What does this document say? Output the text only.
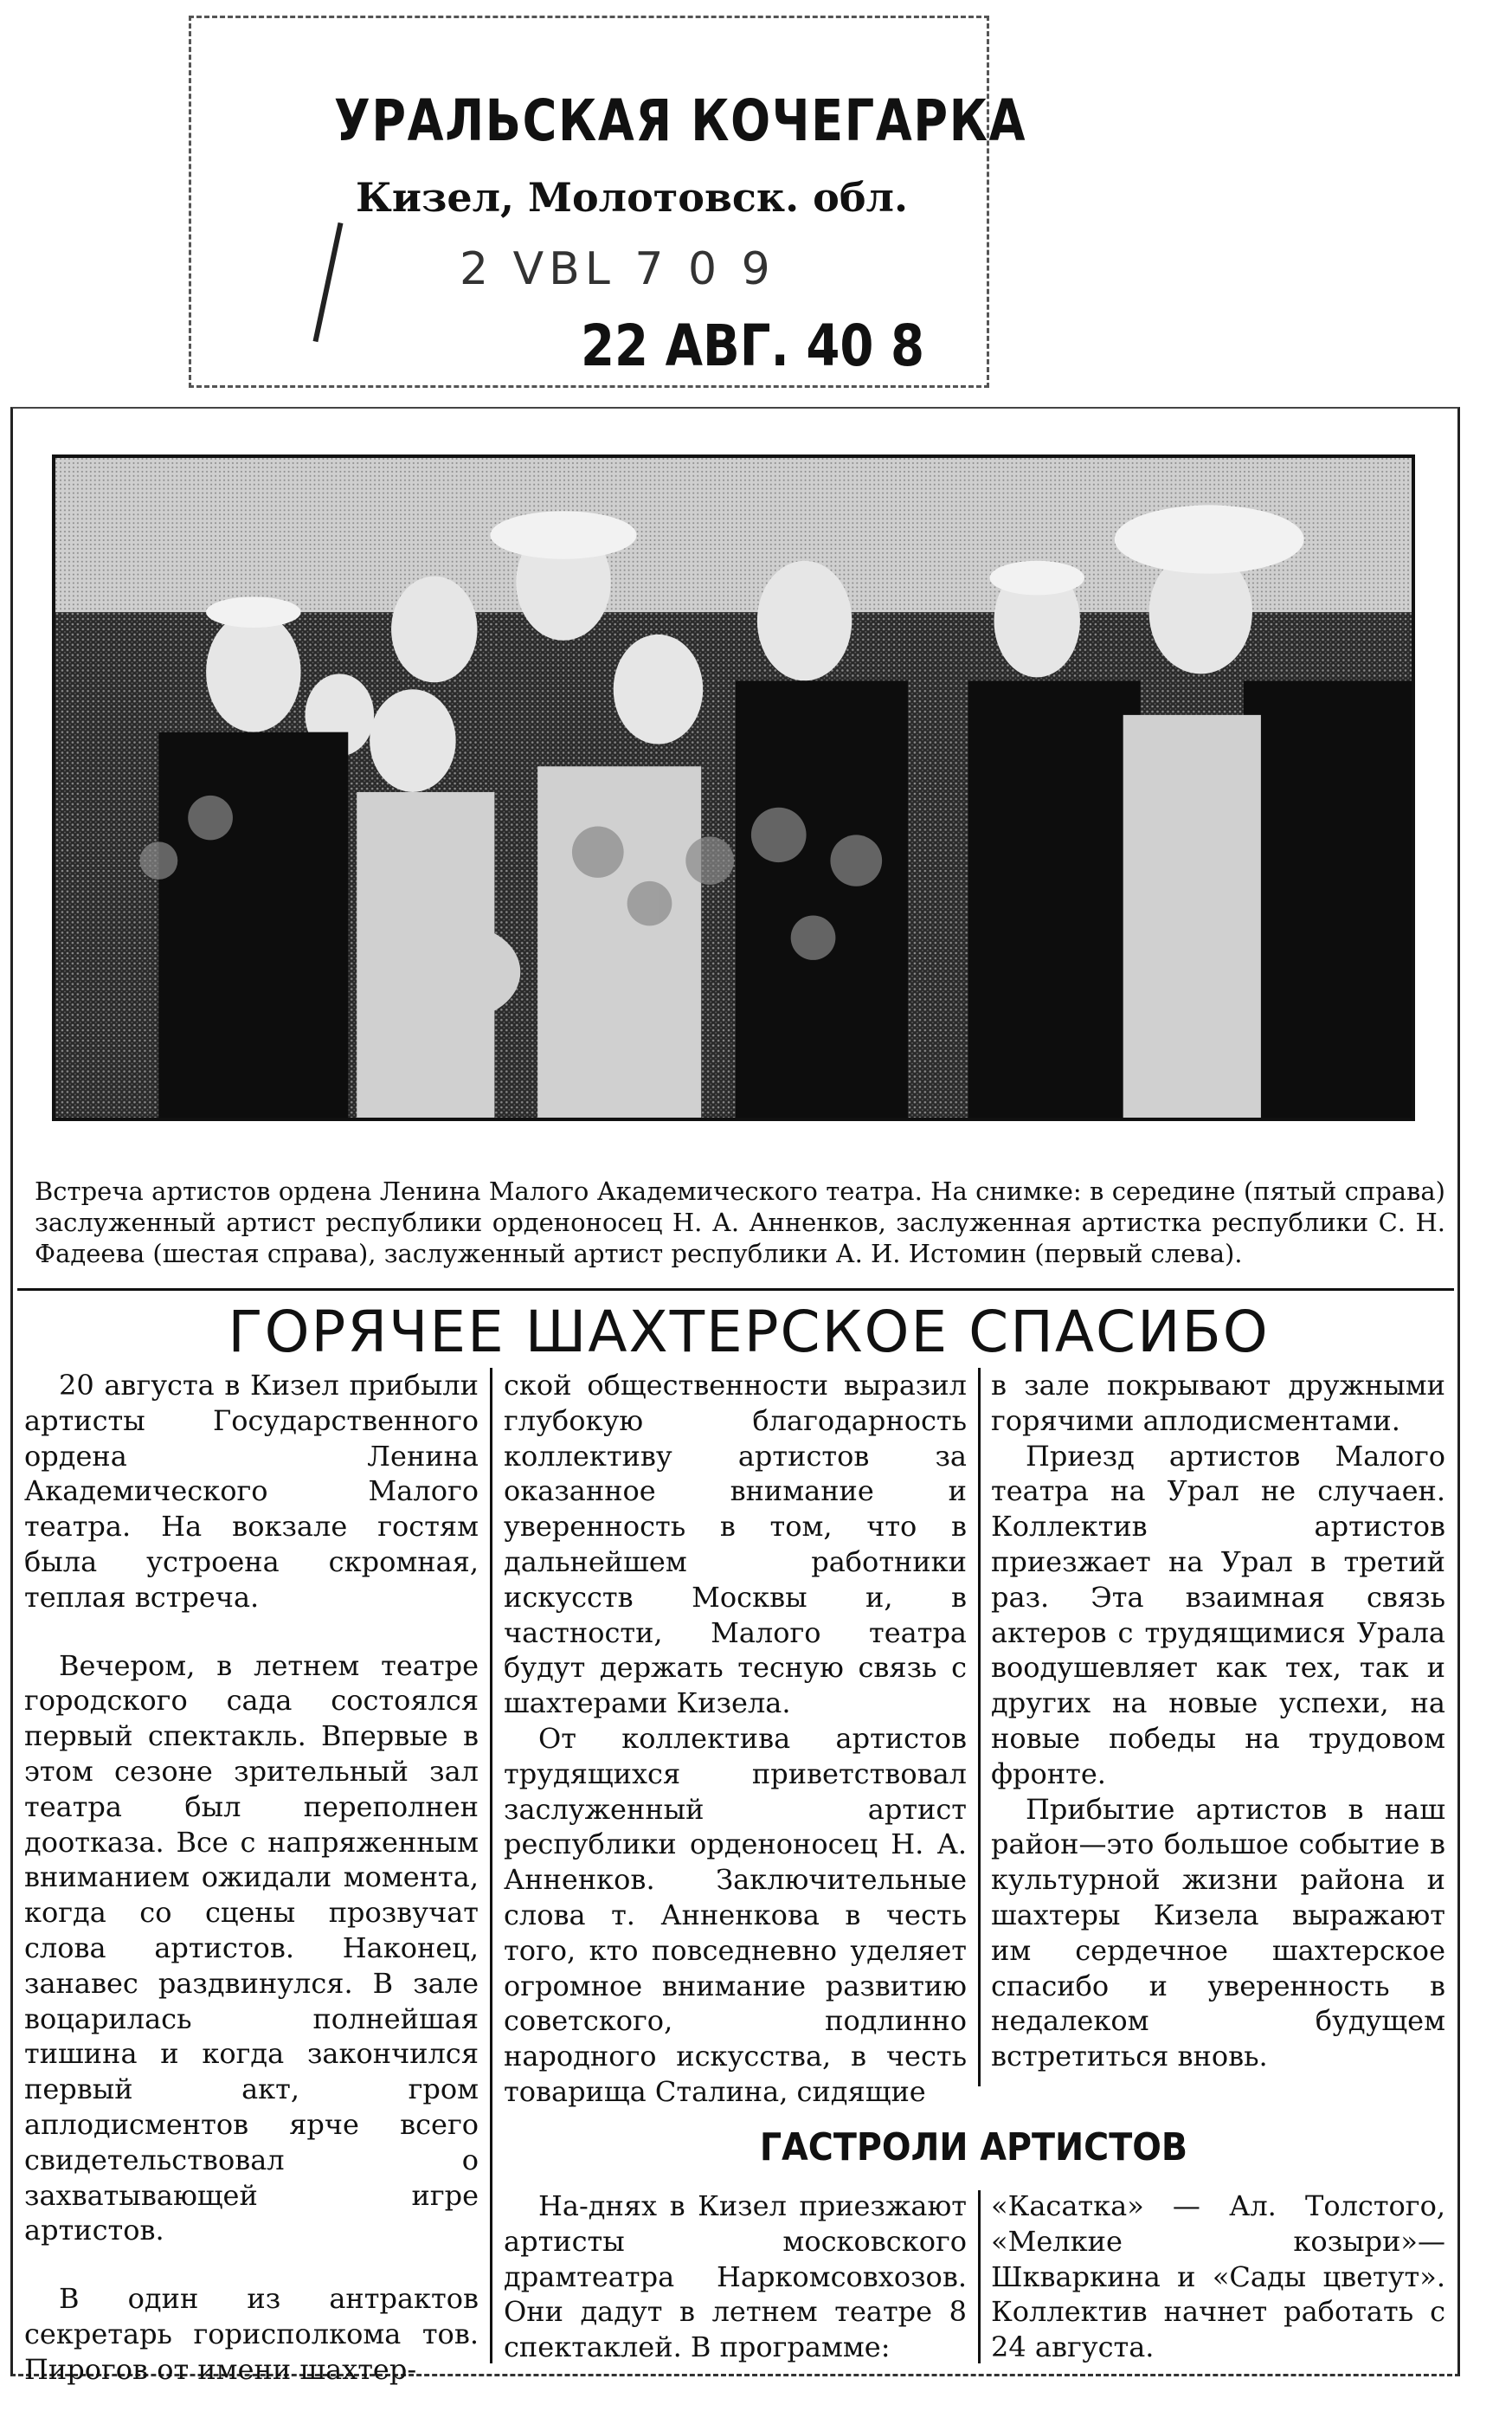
УРАЛЬСКАЯ КОЧЕГАРКА
Кизел, Молотовск. обл.
2 VBL 7 0 9
22 АВГ. 40 8
Встреча артистов ордена Ленина Малого Академического театра. На снимке: в середине (пятый справа) заслуженный артист республики орденоносец Н. А. Анненков, заслуженная артистка республики С. Н. Фадеева (шестая справа), заслуженный артист республики А. И. Истомин (первый слева).
ГОРЯЧЕЕ ШАХТЕРСКОЕ СПАСИБО

20 августа в Кизел прибыли артисты Государственного ордена Ленина Академического Малого театра. На вокзале гостям была устроена скромная, теплая встреча.

Вечером, в летнем театре городского сада состоялся первый спектакль. Впервые в этом сезоне зрительный зал театра был переполнен доотказа. Все с напряженным вниманием ожидали момента, когда со сцены прозвучат слова артистов. Наконец, занавес раздвинулся. В зале воцарилась полнейшая тишина и когда закончился первый акт, гром аплодисментов ярче всего свидетельствовал о захватывающей игре артистов.

В один из антрактов секретарь горисполкома тов. Пирогов от имени шахтер-

ской общественности выразил глубокую благодарность коллективу артистов за оказанное внимание и уверенность в том, что в дальнейшем работники искусств Москвы и, в частности, Малого театра будут держать тесную связь с шахтерами Кизела.

От коллектива артистов трудящихся приветствовал заслуженный артист республики орденоносец Н. А. Анненков. Заключительные слова т. Анненкова в честь того, кто повседневно уделяет огромное внимание развитию советского, подлинно народного искусства, в честь товарища Сталина, сидящие

в зале покрывают дружными горячими аплодисментами.

Приезд артистов Малого театра на Урал не случаен. Коллектив артистов приезжает на Урал в третий раз. Эта взаимная связь актеров с трудящимися Урала воодушевляет как тех, так и других на новые успехи, на новые победы на трудовом фронте.

Прибытие артистов в наш район—это большое событие в культурной жизни района и шахтеры Кизела выражают им сердечное шахтерское спасибо и уверенность в недалеком будущем встретиться вновь.

ГАСТРОЛИ АРТИСТОВ

На-днях в Кизел приезжают артисты московского драмтеатра Наркомсовхозов. Они дадут в летнем театре 8 спектаклей. В программе:

«Касатка» — Ал. Толстого, «Мелкие козыри»—Шкваркина и «Сады цветут». Коллектив начнет работать с 24 августа.
